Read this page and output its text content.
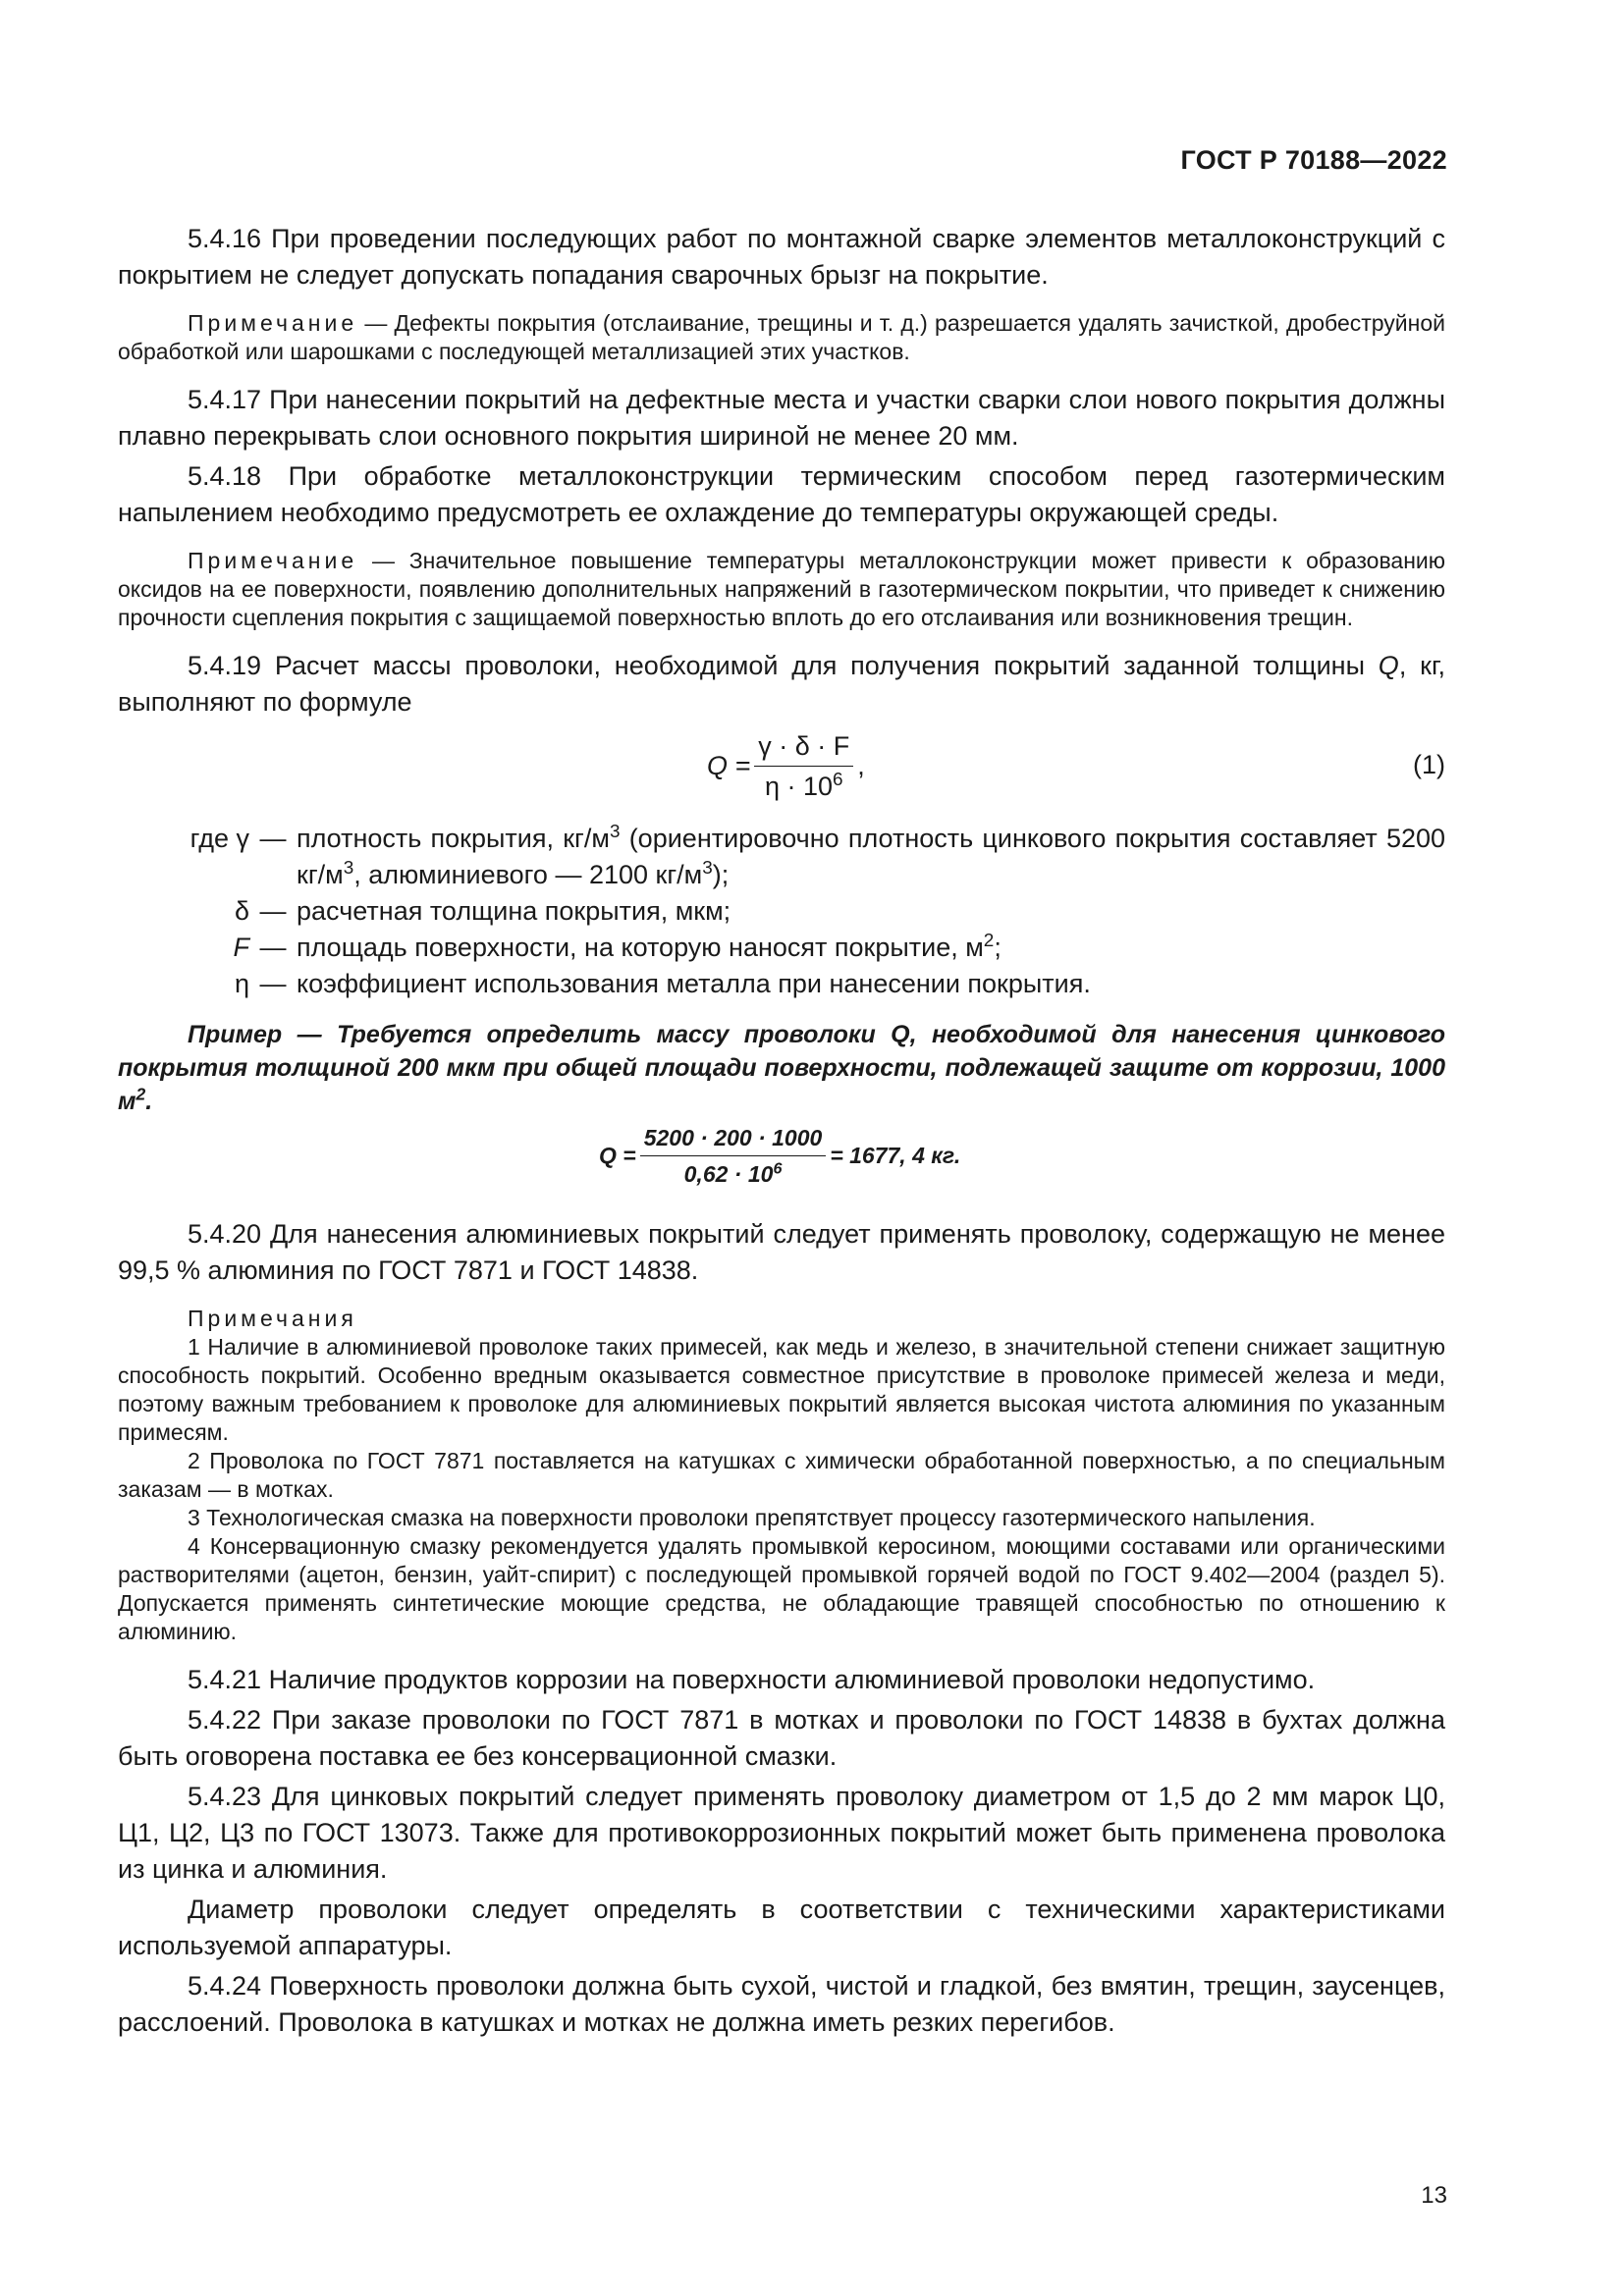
ГОСТ Р 70188—2022

5.4.16 При проведении последующих работ по монтажной сварке элементов металлоконструкций с покрытием не следует допускать попадания сварочных брызг на покрытие.

Примечание — Дефекты покрытия (отслаивание, трещины и т. д.) разрешается удалять зачисткой, дробеструйной обработкой или шарошками с последующей металлизацией этих участков.

5.4.17 При нанесении покрытий на дефектные места и участки сварки слои нового покрытия должны плавно перекрывать слои основного покрытия шириной не менее 20 мм.

5.4.18 При обработке металлоконструкции термическим способом перед газотермическим напылением необходимо предусмотреть ее охлаждение до температуры окружающей среды.

Примечание — Значительное повышение температуры металлоконструкции может привести к образованию оксидов на ее поверхности, появлению дополнительных напряжений в газотермическом покрытии, что приведет к снижению прочности сцепления покрытия с защищаемой поверхностью вплоть до его отслаивания или возникновения трещин.

5.4.19 Расчет массы проволоки, необходимой для получения покрытий заданной толщины Q, кг, выполняют по формуле

$Q = \frac{\gamma \cdot \delta \cdot F}{\eta \cdot 10^6}$ ,	(1)
где γ — плотность покрытия, $кг/м^3$ (ориентировочно плотность цинкового покрытия составляет 5200 $кг/м^3$, алюминиевого — 2100 $кг/м^3$);
δ — расчетная толщина покрытия, мкм;
F — площадь поверхности, на которую наносят покрытие, $м^2$;
η — коэффициент использования металла при нанесении покрытия.

Пример — Требуется определить массу проволоки Q, необходимой для нанесения цинкового покрытия толщиной 200 мкм при общей площади поверхности, подлежащей защите от коррозии, 1000 $м^2$.

$Q = \frac{5200 \cdot 200 \cdot 1000}{0,62 \cdot 10^6} = 1677$, 4 кг.

5.4.20 Для нанесения алюминиевых покрытий следует применять проволоку, содержащую не менее 99,5 % алюминия по ГОСТ 7871 и ГОСТ 14838.

Примечания

1 Наличие в алюминиевой проволоке таких примесей, как медь и железо, в значительной степени снижает защитную способность покрытий. Особенно вредным оказывается совместное присутствие в проволоке примесей железа и меди, поэтому важным требованием к проволоке для алюминиевых покрытий является высокая чистота алюминия по указанным примесям.

2 Проволока по ГОСТ 7871 поставляется на катушках с химически обработанной поверхностью, а по специальным заказам — в мотках.

3 Технологическая смазка на поверхности проволоки препятствует процессу газотермического напыления.

4 Консервационную смазку рекомендуется удалять промывкой керосином, моющими составами или органическими растворителями (ацетон, бензин, уайт-спирит) с последующей промывкой горячей водой по ГОСТ 9.402—2004 (раздел 5). Допускается применять синтетические моющие средства, не обладающие травящей способностью по отношению к алюминию.

5.4.21 Наличие продуктов коррозии на поверхности алюминиевой проволоки недопустимо.

5.4.22 При заказе проволоки по ГОСТ 7871 в мотках и проволоки по ГОСТ 14838 в бухтах должна быть оговорена поставка ее без консервационной смазки.

5.4.23 Для цинковых покрытий следует применять проволоку диаметром от 1,5 до 2 мм марок Ц0, Ц1, Ц2, Ц3 по ГОСТ 13073. Также для противокоррозионных покрытий может быть применена проволока из цинка и алюминия.

Диаметр проволоки следует определять в соответствии с техническими характеристиками используемой аппаратуры.

5.4.24 Поверхность проволоки должна быть сухой, чистой и гладкой, без вмятин, трещин, заусенцев, расслоений. Проволока в катушках и мотках не должна иметь резких перегибов.

13
